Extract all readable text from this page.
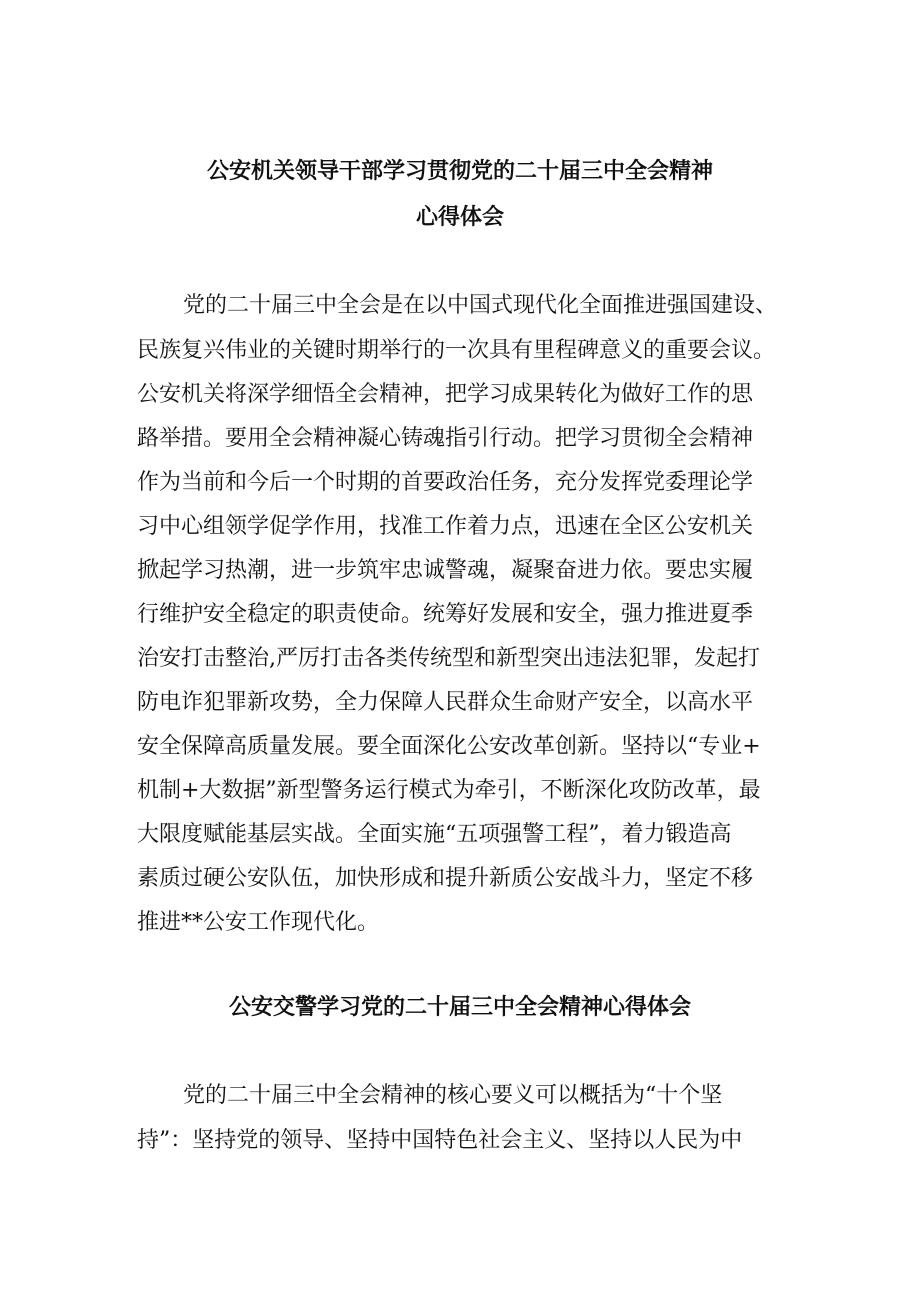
公安机关领导干部学习贯彻党的二十届三中全会精神
心得体会
党的二十届三中全会是在以中国式现代化全面推进强国建设、
民族复兴伟业的关键时期举行的一次具有里程碑意义的重要会议。
公安机关将深学细悟全会精神，把学习成果转化为做好工作的思
路举措。要用全会精神凝心铸魂指引行动。把学习贯彻全会精神
作为当前和今后一个时期的首要政治任务，充分发挥党委理论学
习中心组领学促学作用，找准工作着力点，迅速在全区公安机关
掀起学习热潮，进一步筑牢忠诚警魂，凝聚奋进力依。要忠实履
行维护安全稳定的职责使命。统筹好发展和安全，强力推进夏季
治安打击整治,严厉打击各类传统型和新型突出违法犯罪，发起打
防电诈犯罪新攻势，全力保障人民群众生命财产安全，以高水平
安全保障高质量发展。要全面深化公安改革创新。坚持以“专业+
机制+大数据”新型警务运行模式为牵引，不断深化攻防改革，最
大限度赋能基层实战。全面实施“五项强警工程”，着力锻造高
素质过硬公安队伍，加快形成和提升新质公安战斗力，坚定不移
推进**公安工作现代化。
公安交警学习党的二十届三中全会精神心得体会
党的二十届三中全会精神的核心要义可以概括为“十个坚
持”：坚持党的领导、坚持中国特色社会主义、坚持以人民为中
